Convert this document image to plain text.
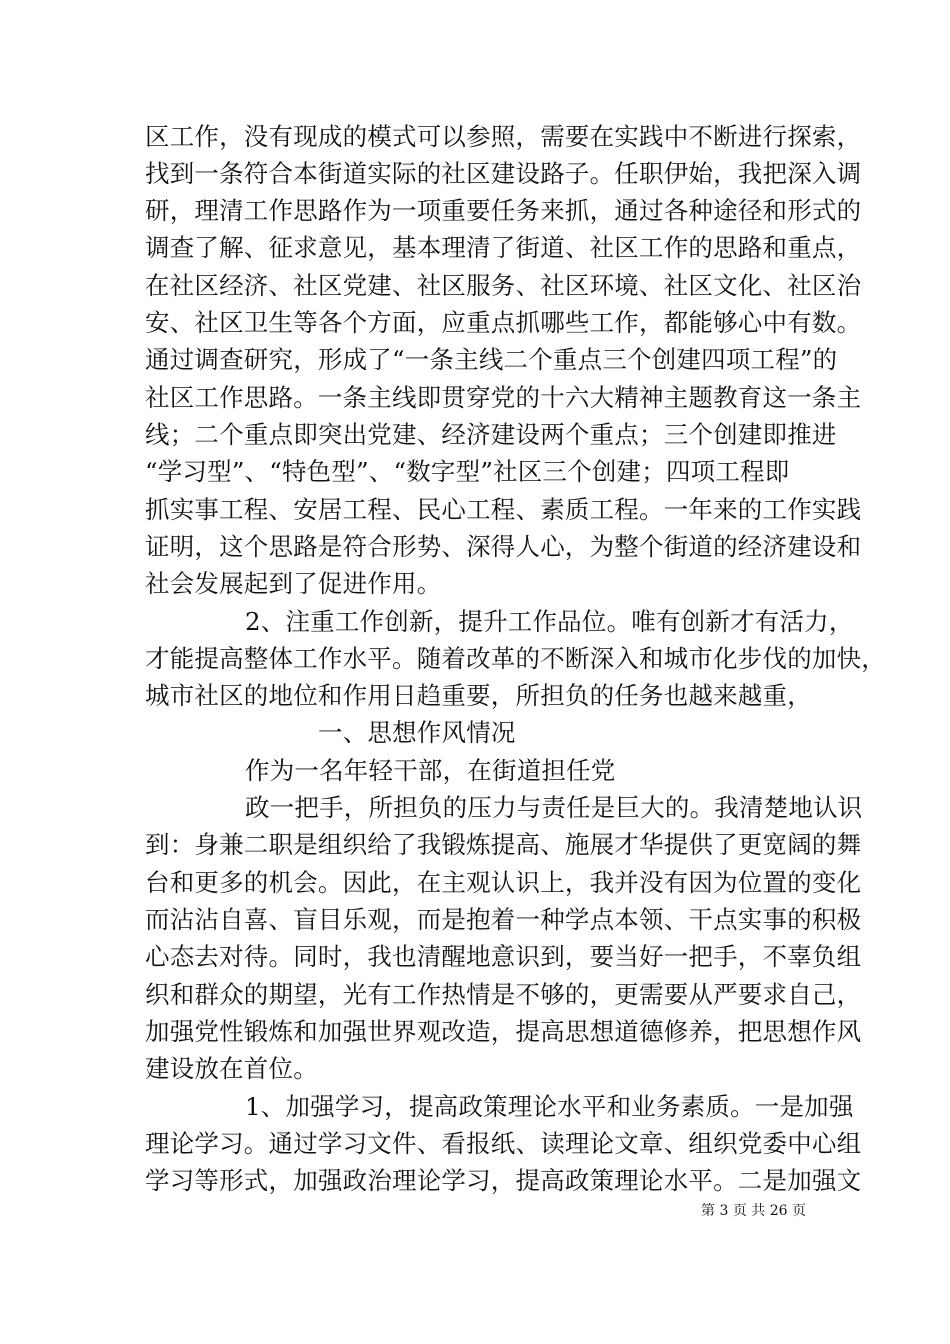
区工作，没有现成的模式可以参照，需要在实践中不断进行探索，
找到一条符合本街道实际的社区建设路子。任职伊始，我把深入调
研，理清工作思路作为一项重要任务来抓，通过各种途径和形式的
调查了解、征求意见，基本理清了街道、社区工作的思路和重点，
在社区经济、社区党建、社区服务、社区环境、社区文化、社区治
安、社区卫生等各个方面，应重点抓哪些工作，都能够心中有数。
通过调查研究，形成了“一条主线二个重点三个创建四项工程”的
社区工作思路。一条主线即贯穿党的十六大精神主题教育这一条主
线；二个重点即突出党建、经济建设两个重点；三个创建即推进
“学习型”、“特色型”、“数字型”社区三个创建；四项工程即
抓实事工程、安居工程、民心工程、素质工程。一年来的工作实践
证明，这个思路是符合形势、深得人心，为整个街道的经济建设和
社会发展起到了促进作用。
2、注重工作创新，提升工作品位。唯有创新才有活力，
才能提高整体工作水平。随着改革的不断深入和城市化步伐的加快，
城市社区的地位和作用日趋重要，所担负的任务也越来越重，
一、思想作风情况
作为一名年轻干部，在街道担任党
政一把手，所担负的压力与责任是巨大的。我清楚地认识
到：身兼二职是组织给了我锻炼提高、施展才华提供了更宽阔的舞
台和更多的机会。因此，在主观认识上，我并没有因为位置的变化
而沾沾自喜、盲目乐观，而是抱着一种学点本领、干点实事的积极
心态去对待。同时，我也清醒地意识到，要当好一把手，不辜负组
织和群众的期望，光有工作热情是不够的，更需要从严要求自己，
加强党性锻炼和加强世界观改造，提高思想道德修养，把思想作风
建设放在首位。
1、加强学习，提高政策理论水平和业务素质。一是加强
理论学习。通过学习文件、看报纸、读理论文章、组织党委中心组
学习等形式，加强政治理论学习，提高政策理论水平。二是加强文
第 3 页 共 26 页
